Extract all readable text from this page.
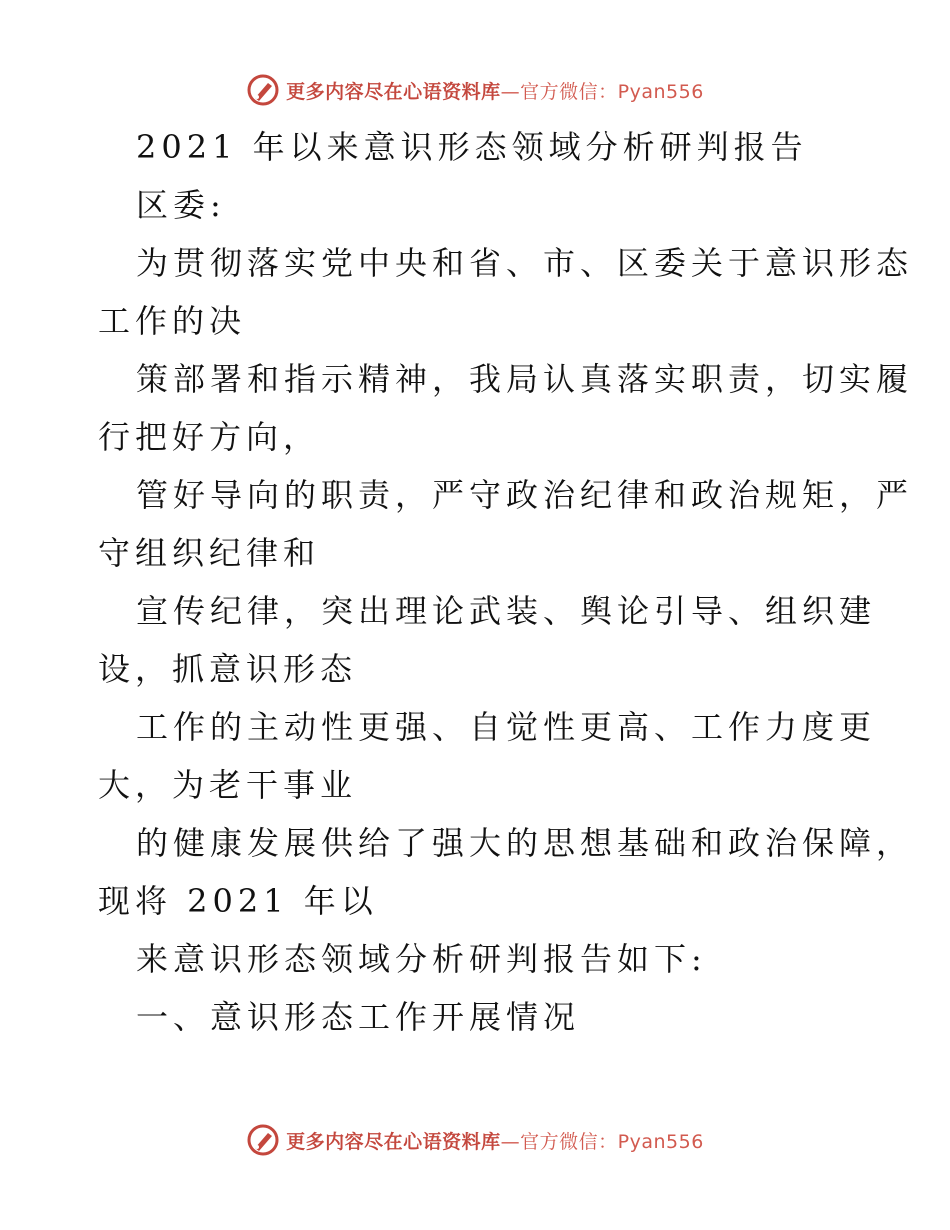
更多内容尽在心语资料库—官方微信：Pyan556
2021 年以来意识形态领域分析研判报告
区委:
为贯彻落实党中央和省、市、区委关于意识形态
工作的决
策部署和指示精神，我局认真落实职责，切实履
行把好方向，
管好导向的职责，严守政治纪律和政治规矩，严
守组织纪律和
宣传纪律，突出理论武装、舆论引导、组织建
设，抓意识形态
工作的主动性更强、自觉性更高、工作力度更
大，为老干事业
的健康发展供给了强大的思想基础和政治保障，
现将 2021 年以
来意识形态领域分析研判报告如下:
一、意识形态工作开展情况
更多内容尽在心语资料库—官方微信：Pyan556
